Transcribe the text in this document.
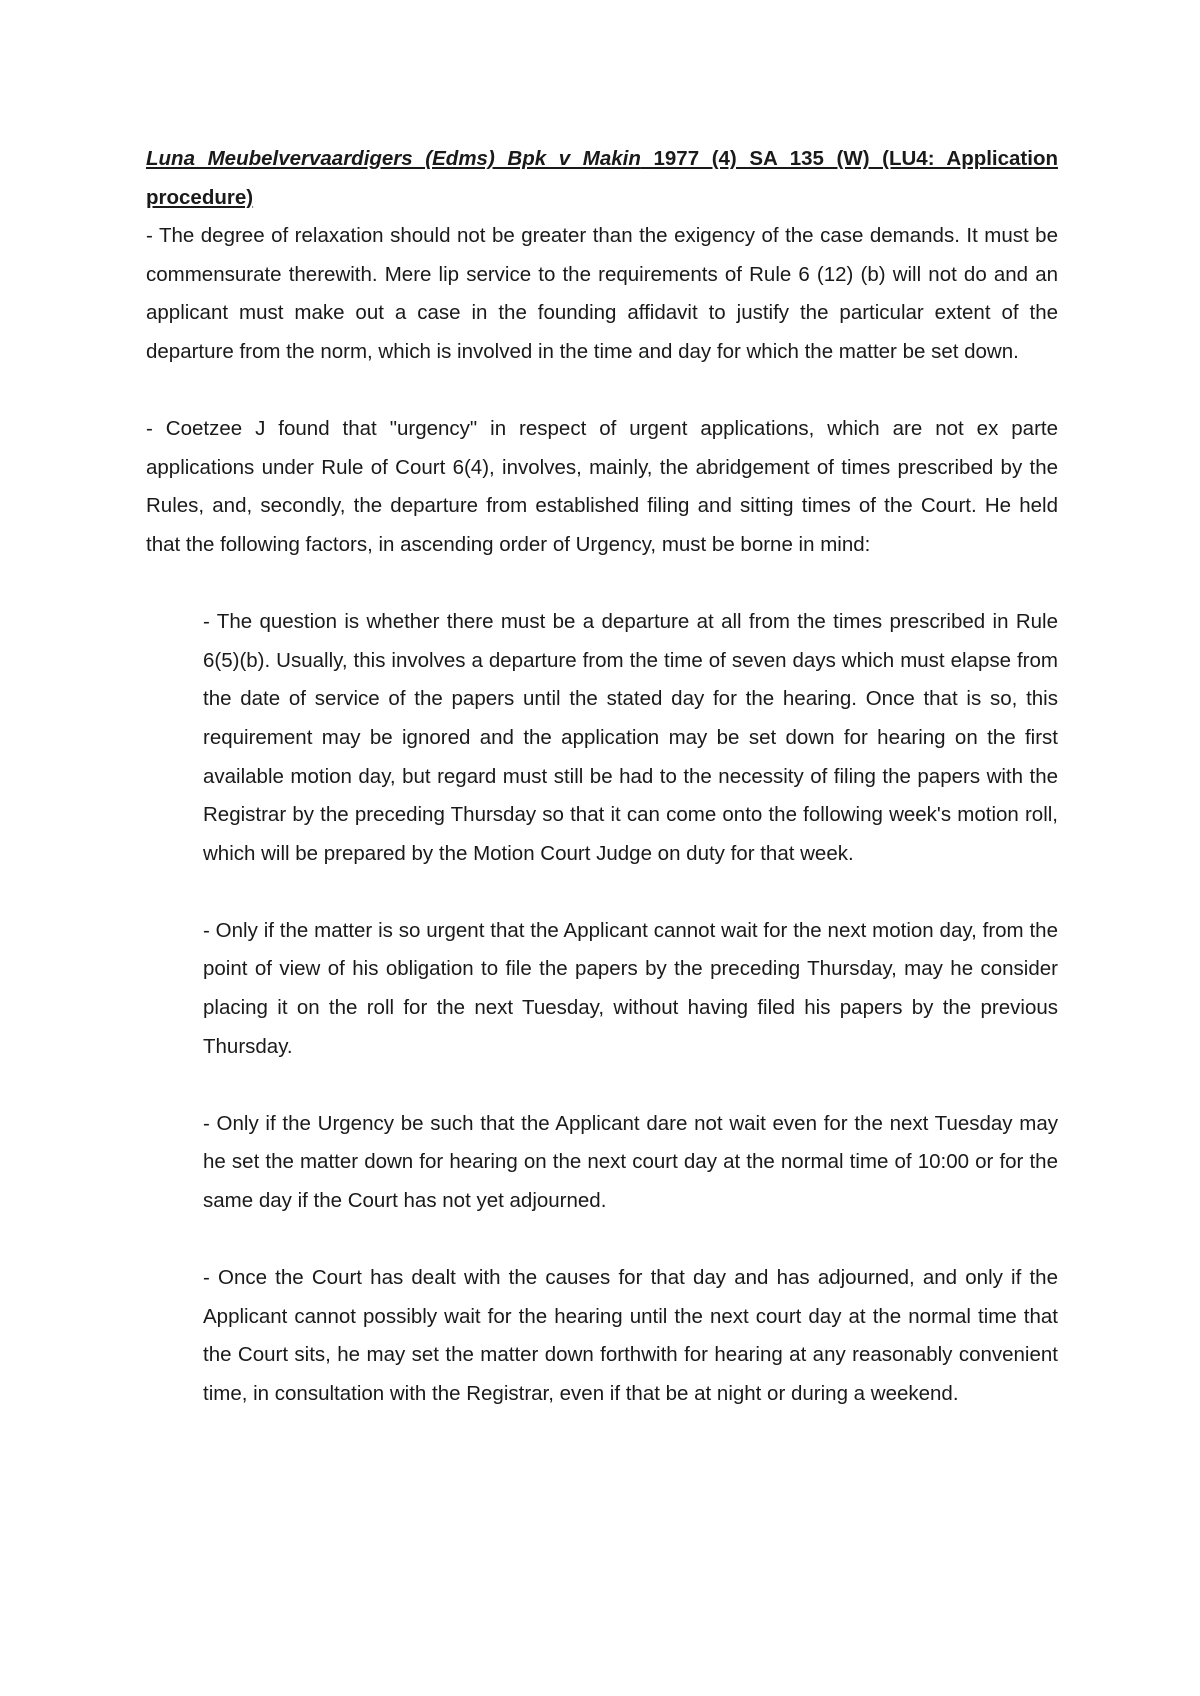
Luna Meubelvervaardigers (Edms) Bpk v Makin 1977 (4) SA 135 (W) (LU4: Application procedure)

- The degree of relaxation should not be greater than the exigency of the case demands. It must be commensurate therewith. Mere lip service to the requirements of Rule 6 (12) (b) will not do and an applicant must make out a case in the founding affidavit to justify the particular extent of the departure from the norm, which is involved in the time and day for which the matter be set down.

- Coetzee J found that "urgency" in respect of urgent applications, which are not ex parte applications under Rule of Court 6(4), involves, mainly, the abridgement of times prescribed by the Rules, and, secondly, the departure from established filing and sitting times of the Court. He held that the following factors, in ascending order of Urgency, must be borne in mind:

- The question is whether there must be a departure at all from the times prescribed in Rule 6(5)(b). Usually, this involves a departure from the time of seven days which must elapse from the date of service of the papers until the stated day for the hearing. Once that is so, this requirement may be ignored and the application may be set down for hearing on the first available motion day, but regard must still be had to the necessity of filing the papers with the Registrar by the preceding Thursday so that it can come onto the following week's motion roll, which will be prepared by the Motion Court Judge on duty for that week.

- Only if the matter is so urgent that the Applicant cannot wait for the next motion day, from the point of view of his obligation to file the papers by the preceding Thursday, may he consider placing it on the roll for the next Tuesday, without having filed his papers by the previous Thursday.

- Only if the Urgency be such that the Applicant dare not wait even for the next Tuesday may he set the matter down for hearing on the next court day at the normal time of 10:00 or for the same day if the Court has not yet adjourned.

- Once the Court has dealt with the causes for that day and has adjourned, and only if the Applicant cannot possibly wait for the hearing until the next court day at the normal time that the Court sits, he may set the matter down forthwith for hearing at any reasonably convenient time, in consultation with the Registrar, even if that be at night or during a weekend.
